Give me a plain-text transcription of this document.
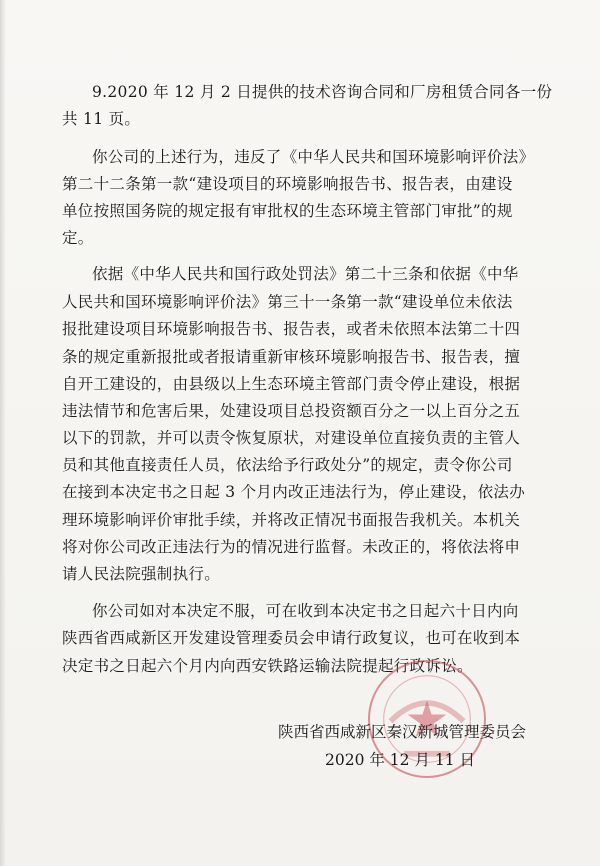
9.2020 年 12 月 2 日提供的技术咨询合同和厂房租赁合同各一份
共 11 页。
你公司的上述行为，违反了《中华人民共和国环境影响评价法》
第二十二条第一款“建设项目的环境影响报告书、报告表，由建设
单位按照国务院的规定报有审批权的生态环境主管部门审批”的规
定。
依据《中华人民共和国行政处罚法》第二十三条和依据《中华
人民共和国环境影响评价法》第三十一条第一款“建设单位未依法
报批建设项目环境影响报告书、报告表，或者未依照本法第二十四
条的规定重新报批或者报请重新审核环境影响报告书、报告表，擅
自开工建设的，由县级以上生态环境主管部门责令停止建设，根据
违法情节和危害后果，处建设项目总投资额百分之一以上百分之五
以下的罚款，并可以责令恢复原状，对建设单位直接负责的主管人
员和其他直接责任人员，依法给予行政处分”的规定，责令你公司
在接到本决定书之日起 3 个月内改正违法行为，停止建设，依法办
理环境影响评价审批手续，并将改正情况书面报告我机关。本机关
将对你公司改正违法行为的情况进行监督。未改正的，将依法将申
请人民法院强制执行。
你公司如对本决定不服，可在收到本决定书之日起六十日内向
陕西省西咸新区开发建设管理委员会申请行政复议，也可在收到本
决定书之日起六个月内向西安铁路运输法院提起行政诉讼。
陕西省西咸新区秦汉新城管理委员会
2020 年 12 月 11 日
